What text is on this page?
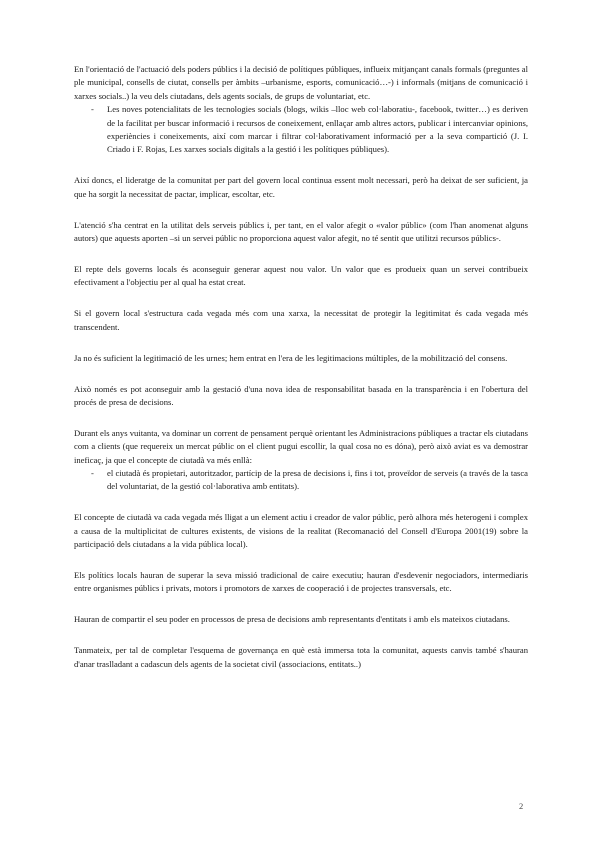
En l'orientació de l'actuació dels poders públics i la decisió de polítiques públiques, influeix mitjançant canals formals (preguntes al ple municipal, consells de ciutat, consells per àmbits –urbanisme, esports, comunicació…-) i informals (mitjans de comunicació i xarxes socials..) la veu dels ciutadans, dels agents socials, de grups de voluntariat, etc.

- Les noves potencialitats de les tecnologies socials (blogs, wikis –lloc web col·laboratiu-, facebook, twitter…) es deriven de la facilitat per buscar informació i recursos de coneixement, enllaçar amb altres actors, publicar i intercanviar opinions, experiències i coneixements, així com marcar i filtrar col·laborativament informació per a la seva compartició (J. I. Criado i F. Rojas, Les xarxes socials digitals a la gestió i les polítiques públiques).

Així doncs, el lideratge de la comunitat per part del govern local continua essent molt necessari, però ha deixat de ser suficient, ja que ha sorgit la necessitat de pactar, implicar, escoltar, etc.

L'atenció s'ha centrat en la utilitat dels serveis públics i, per tant, en el valor afegit o «valor públic» (com l'han anomenat alguns autors) que aquests aporten –si un servei públic no proporciona aquest valor afegit, no té sentit que utilitzi recursos públics-.

El repte dels governs locals és aconseguir generar aquest nou valor. Un valor que es produeix quan un servei contribueix efectivament a l'objectiu per al qual ha estat creat.

Si el govern local s'estructura cada vegada més com una xarxa, la necessitat de protegir la legitimitat és cada vegada més transcendent.

Ja no és suficient la legitimació de les urnes; hem entrat en l'era de les legitimacions múltiples, de la mobilització del consens.

Això només es pot aconseguir amb la gestació d'una nova idea de responsabilitat basada en la transparència i en l'obertura del procés de presa de decisions.

Durant els anys vuitanta, va dominar un corrent de pensament perquè orientant les Administracions públiques a tractar els ciutadans com a clients (que requereix un mercat públic on el client pugui escollir, la qual cosa no es dóna), però això aviat es va demostrar ineficaç, ja que el concepte de ciutadà va més enllà:

- el ciutadà és propietari, autoritzador, partícip de la presa de decisions i, fins i tot, proveïdor de serveis (a través de la tasca del voluntariat, de la gestió col·laborativa amb entitats).

El concepte de ciutadà va cada vegada més lligat a un element actiu i creador de valor públic, però alhora més heterogeni i complex a causa de la multiplicitat de cultures existents, de visions de la realitat (Recomanació del Consell d'Europa 2001(19) sobre la participació dels ciutadans a la vida pública local).

Els polítics locals hauran de superar la seva missió tradicional de caire executiu; hauran d'esdevenir negociadors, intermediaris entre organismes públics i privats, motors i promotors de xarxes de cooperació i de projectes transversals, etc.

Hauran de compartir el seu poder en processos de presa de decisions amb representants d'entitats i amb els mateixos ciutadans.

Tanmateix, per tal de completar l'esquema de governança en què està immersa tota la comunitat, aquests canvis també s'hauran d'anar traslladant a cadascun dels agents de la societat civil (associacions, entitats..)

2
